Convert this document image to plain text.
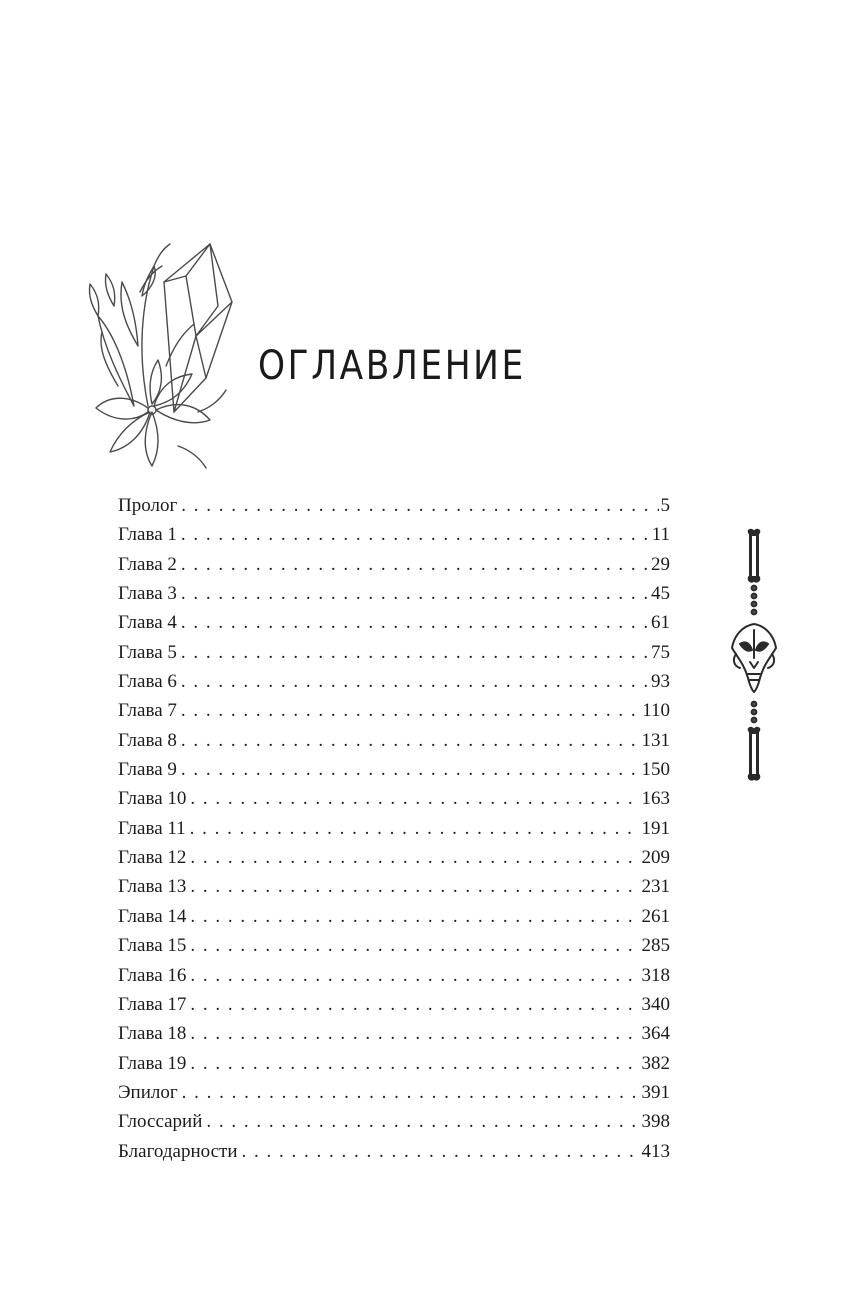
ОГЛАВЛЕНИЕ
Пролог . . .	5
Глава 1 . . .	11
Глава 2 . . .	29
Глава 3 . . .	45
Глава 4 . . .	61
Глава 5 . . .	75
Глава 6 . . .	93
Глава 7 . . .	110
Глава 8 . . .	131
Глава 9 . . .	150
Глава 10 . . .	163
Глава 11 . . .	191
Глава 12 . . .	209
Глава 13 . . .	231
Глава 14 . . .	261
Глава 15 . . .	285
Глава 16 . . .	318
Глава 17 . . .	340
Глава 18 . . .	364
Глава 19 . . .	382
Эпилог . . .	391
Глоссарий . . .	398
Благодарности . . .	413
